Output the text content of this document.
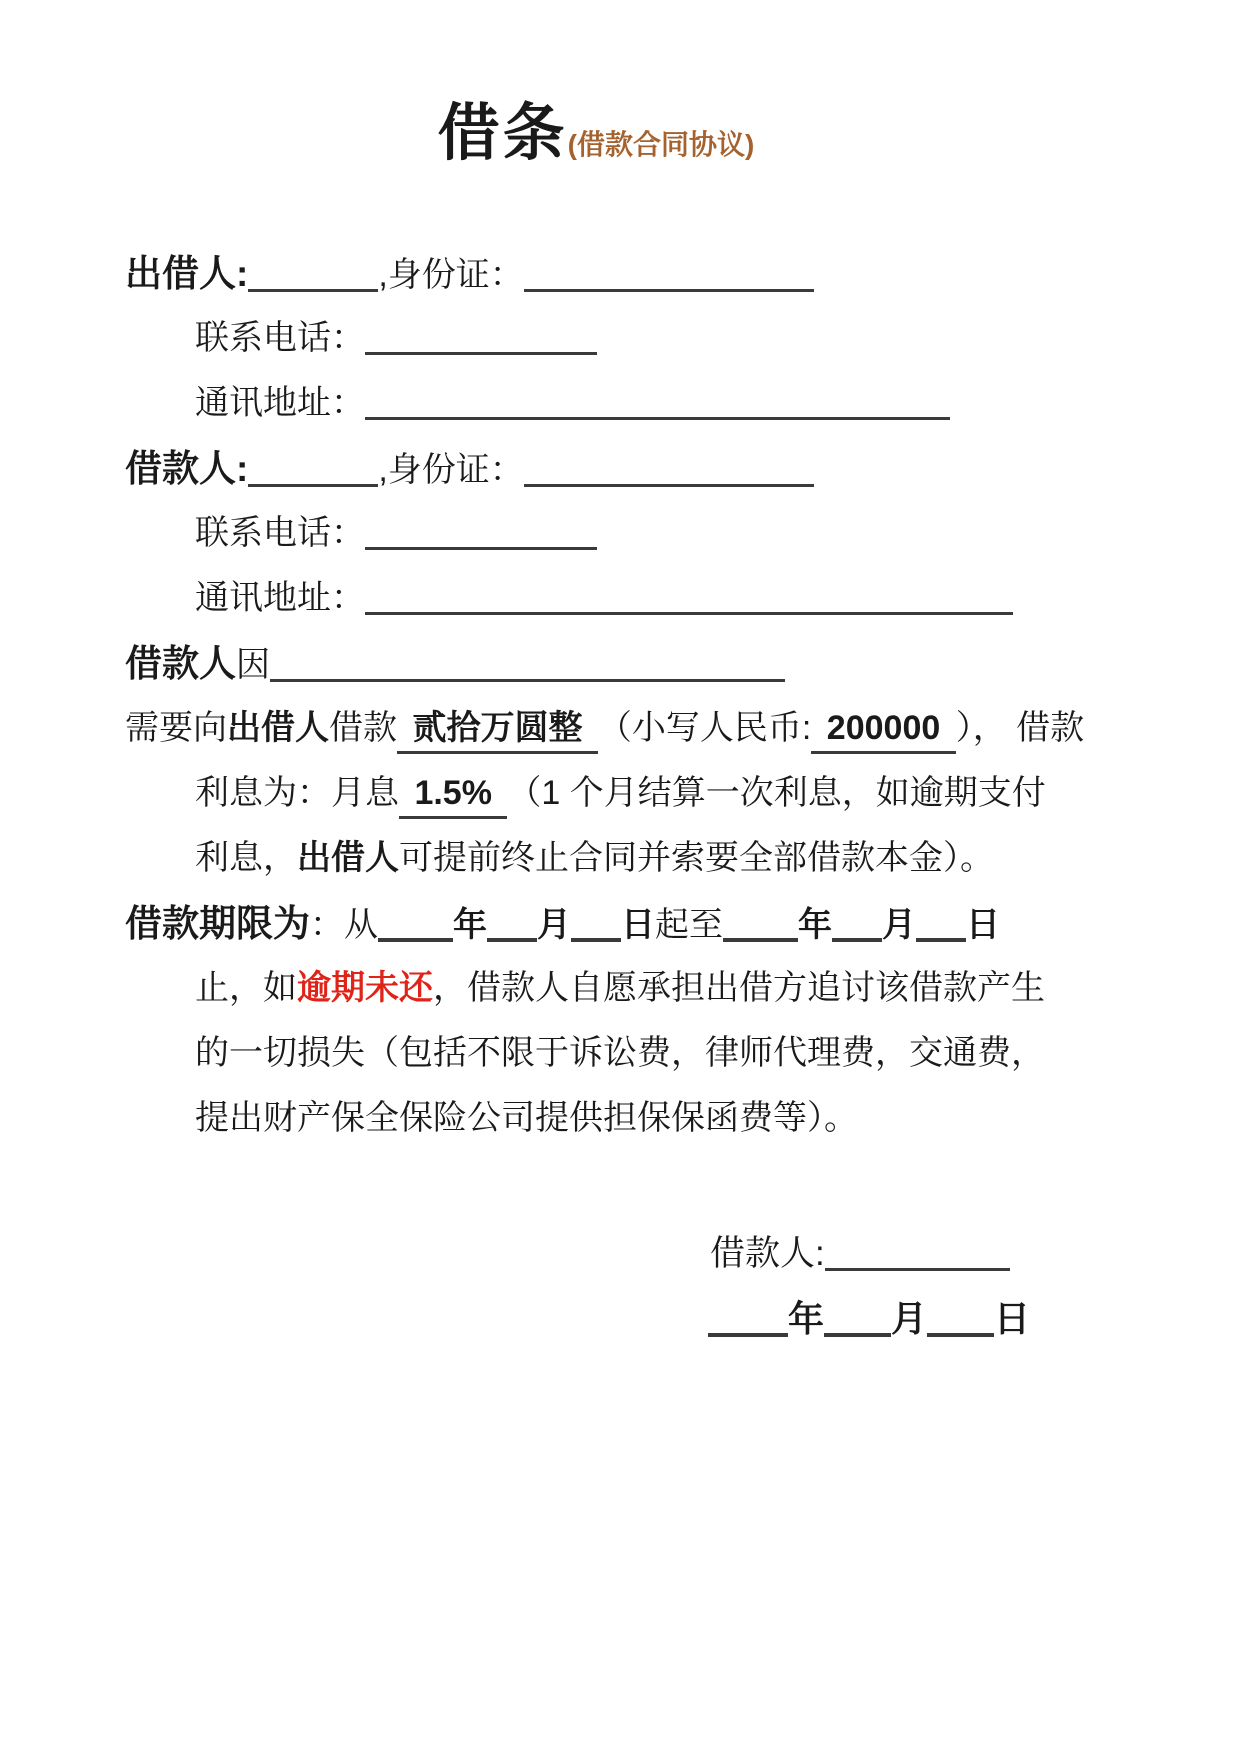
借条 (借款合同协议)
出借人:	,身份证：
联系电话：
通讯地址：
借款人:	,身份证：
联系电话：
通讯地址：
借款人 因
需要向 出借人 借款 贰拾万圆整 （小写人民币: 200000 ）， 借款
利息为：月息 1.5% （1 个月结算一次利息，如逾期支付
利息， 出借人 可提前终止合同并索要全部借款本金）。
借款期限为 ：从 年 月 日 起至 年 月 日
止，如 逾期未还 ，借款人自愿承担出借方追讨该借款产生
的一切损失（包括不限于诉讼费，律师代理费，交通费，
提出财产保全保险公司提供担保保函费等）。
借款人:
年 月 日
